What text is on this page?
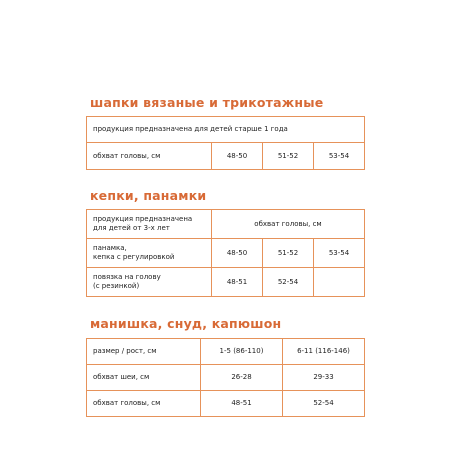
шапки вязаные и трикотажные
продукция предназначена для детей старше 1 года
обхват головы, см	48-50	51-52	53-54
кепки, панамки
продукция предназначена
для детей от 3-х лет	обхват головы, см		
панамка,
кепка с регулировкой	48-50	51-52	53-54
повязка на голову
(с резинкой)	48-51	52-54	
манишка, снуд, капюшон
размер / рост, см	1-5 (86-110)	6-11 (116-146)
обхват шеи, см	26-28	29-33
обхват головы, см	48-51	52-54
